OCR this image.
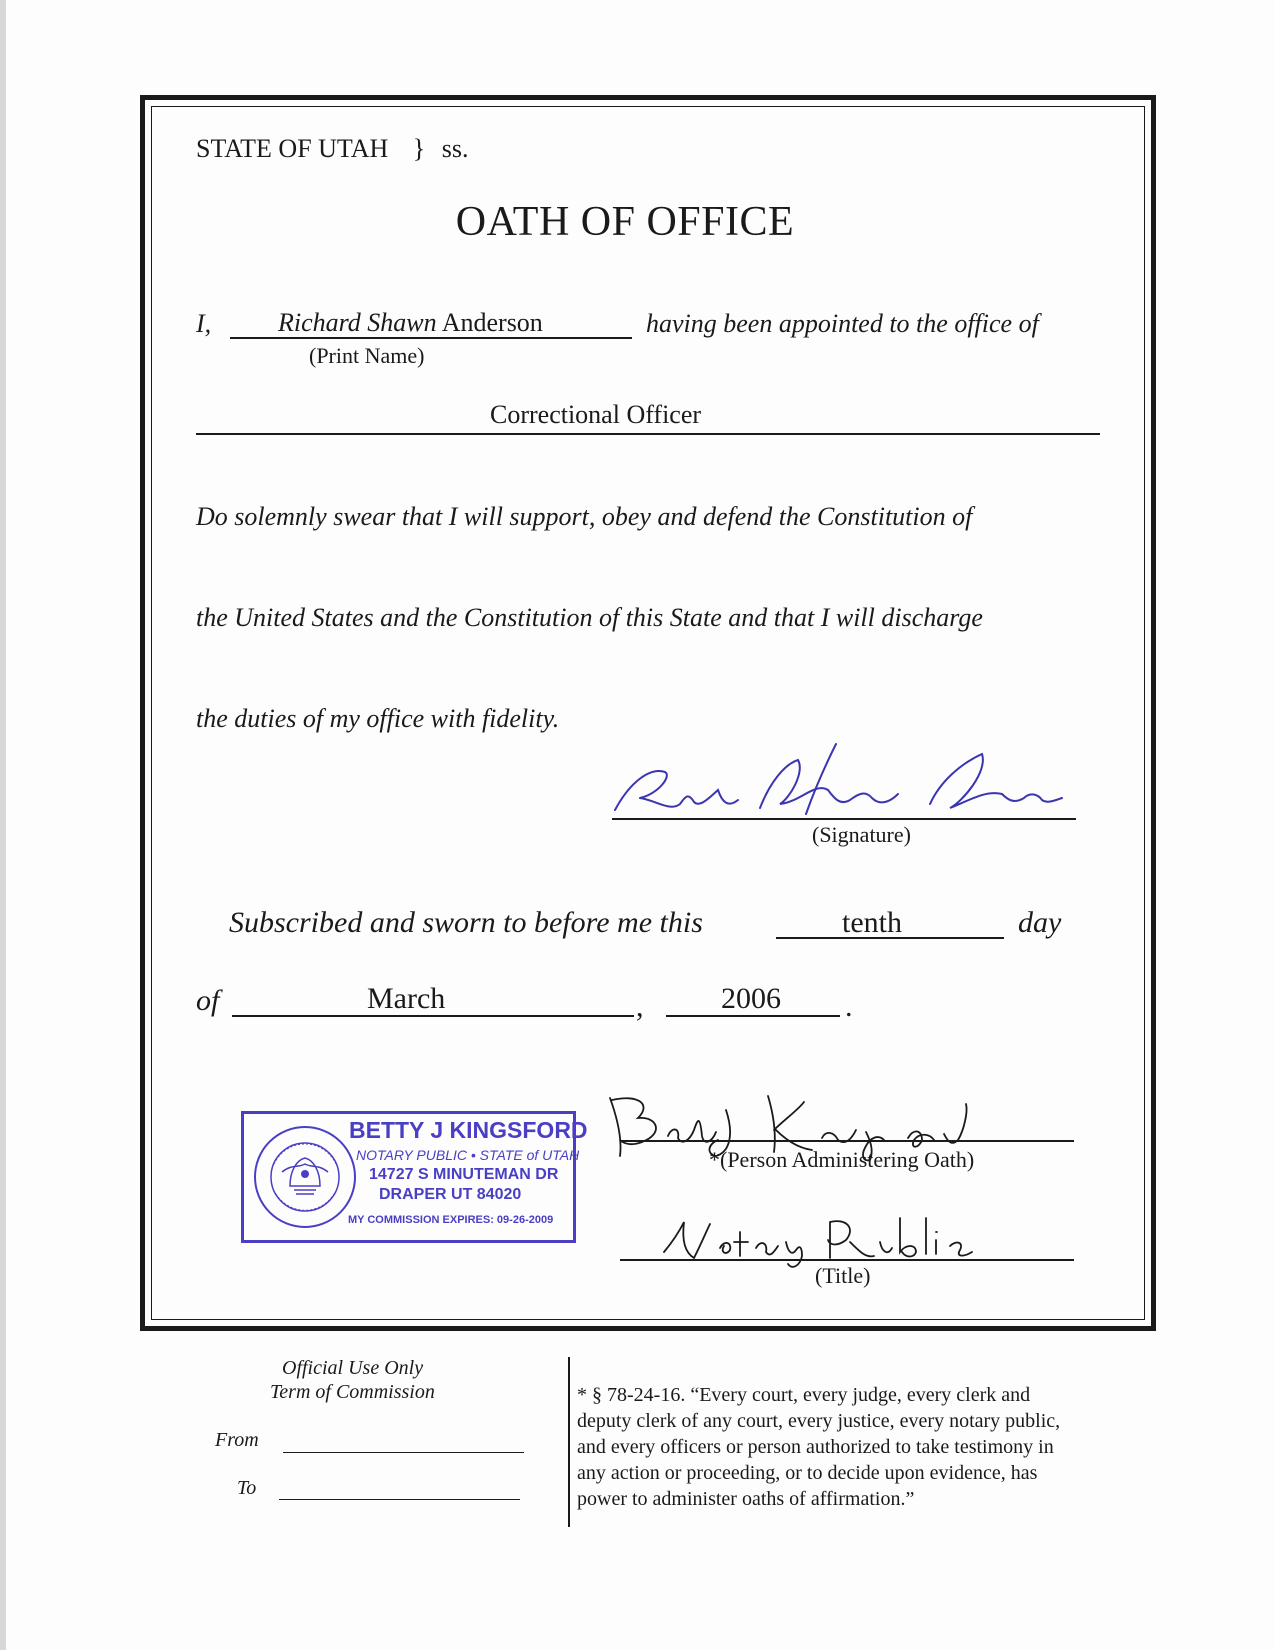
STATE OF UTAH } ss.
OATH OF OFFICE
I,	Richard Shawn Anderson	having been appointed to the office of
(Print Name)
Correctional Officer
Do solemnly swear that I will support, obey and defend the Constitution of
the United States and the Constitution of this State and that I will discharge
the duties of my office with fidelity.
(Signature)
Subscribed and sworn to before me this	tenth	day
of	March	,	2006 .
BETTY J KINGSFORD
NOTARY PUBLIC • STATE of UTAH
14727 S MINUTEMAN DR
DRAPER UT 84020
MY COMMISSION EXPIRES: 09-26-2009
*(Person Administering Oath)
(Title)
Official Use Only
Term of Commission
From
To
* § 78-24-16. “Every court, every judge, every clerk and
deputy clerk of any court, every justice, every notary public,
and every officers or person authorized to take testimony in
any action or proceeding, or to decide upon evidence, has
power to administer oaths of affirmation.”
